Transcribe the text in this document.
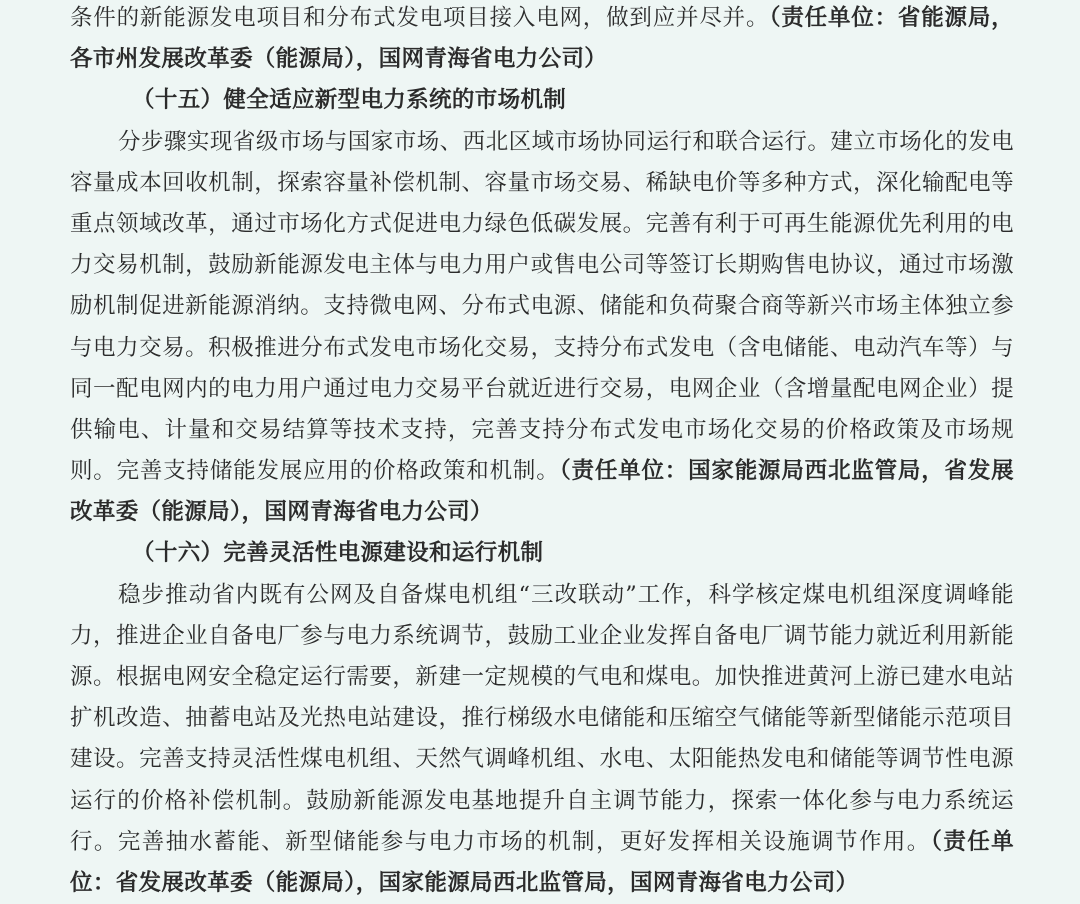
条件的新能源发电项目和分布式发电项目接入电网，做到应并尽并。（责任单位：省能源局，
各市州发展改革委（能源局），国网青海省电力公司）
（十五）健全适应新型电力系统的市场机制
分步骤实现省级市场与国家市场、西北区域市场协同运行和联合运行。建立市场化的发电
容量成本回收机制，探索容量补偿机制、容量市场交易、稀缺电价等多种方式，深化输配电等
重点领域改革，通过市场化方式促进电力绿色低碳发展。完善有利于可再生能源优先利用的电
力交易机制，鼓励新能源发电主体与电力用户或售电公司等签订长期购售电协议，通过市场激
励机制促进新能源消纳。支持微电网、分布式电源、储能和负荷聚合商等新兴市场主体独立参
与电力交易。积极推进分布式发电市场化交易，支持分布式发电（含电储能、电动汽车等）与
同一配电网内的电力用户通过电力交易平台就近进行交易，电网企业（含增量配电网企业）提
供输电、计量和交易结算等技术支持，完善支持分布式发电市场化交易的价格政策及市场规
则。完善支持储能发展应用的价格政策和机制。（责任单位：国家能源局西北监管局，省发展
改革委（能源局），国网青海省电力公司）
（十六）完善灵活性电源建设和运行机制
稳步推动省内既有公网及自备煤电机组“三改联动”工作，科学核定煤电机组深度调峰能
力，推进企业自备电厂参与电力系统调节，鼓励工业企业发挥自备电厂调节能力就近利用新能
源。根据电网安全稳定运行需要，新建一定规模的气电和煤电。加快推进黄河上游已建水电站
扩机改造、抽蓄电站及光热电站建设，推行梯级水电储能和压缩空气储能等新型储能示范项目
建设。完善支持灵活性煤电机组、天然气调峰机组、水电、太阳能热发电和储能等调节性电源
运行的价格补偿机制。鼓励新能源发电基地提升自主调节能力，探索一体化参与电力系统运
行。完善抽水蓄能、新型储能参与电力市场的机制，更好发挥相关设施调节作用。（责任单
位：省发展改革委（能源局），国家能源局西北监管局，国网青海省电力公司）
